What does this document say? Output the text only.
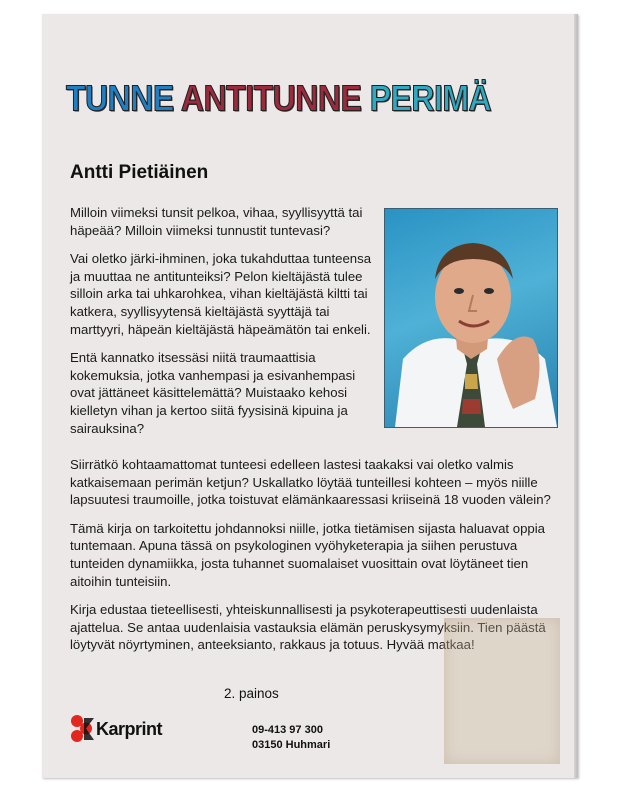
TUNNE ANTITUNNE PERIMÄ
Antti Pietiäinen

Milloin viimeksi tunsit pelkoa, vihaa, syyllisyyttä tai häpeää? Milloin viimeksi tunnustit tuntevasi?

Vai oletko järki-ihminen, joka tukahduttaa tunteensa ja muuttaa ne antitunteiksi? Pelon kieltäjästä tulee silloin arka tai uhkarohkea, vihan kieltäjästä kiltti tai katkera, syyllisyytensä kieltäjästä syyttäjä tai marttyyri, häpeän kieltäjästä häpeämätön tai enkeli.

Entä kannatko itsessäsi niitä traumaattisia kokemuksia, jotka vanhempasi ja esivanhempasi ovat jättäneet käsittelemättä? Muistaako kehosi kielletyn vihan ja kertoo siitä fyysisinä kipuina ja sairauksina?

Siirrätkö kohtaamattomat tunteesi edelleen lastesi taakaksi vai oletko valmis katkaisemaan perimän ketjun? Uskallatko löytää tunteillesi kohteen – myös niille lapsuutesi traumoille, jotka toistuvat elämänkaaressasi kriiseinä 18 vuoden välein?

Tämä kirja on tarkoitettu johdannoksi niille, jotka tietämisen sijasta haluavat oppia tuntemaan. Apuna tässä on psykologinen vyöhyketerapia ja siihen perustuva tunteiden dynamiikka, josta tuhannet suomalaiset vuosittain ovat löytäneet tien aitoihin tunteisiin.

Kirja edustaa tieteellisesti, yhteiskunnallisesti ja psykoterapeuttisesti uudenlaista ajattelua. Se antaa uudenlaisia vastauksia elämän peruskysymyksiin. Tien päästä löytyvät nöyrtyminen, anteeksianto, rakkaus ja totuus. Hyvää matkaa!

2. painos
Karprint	09-413 97 300
03150 Huhmari
